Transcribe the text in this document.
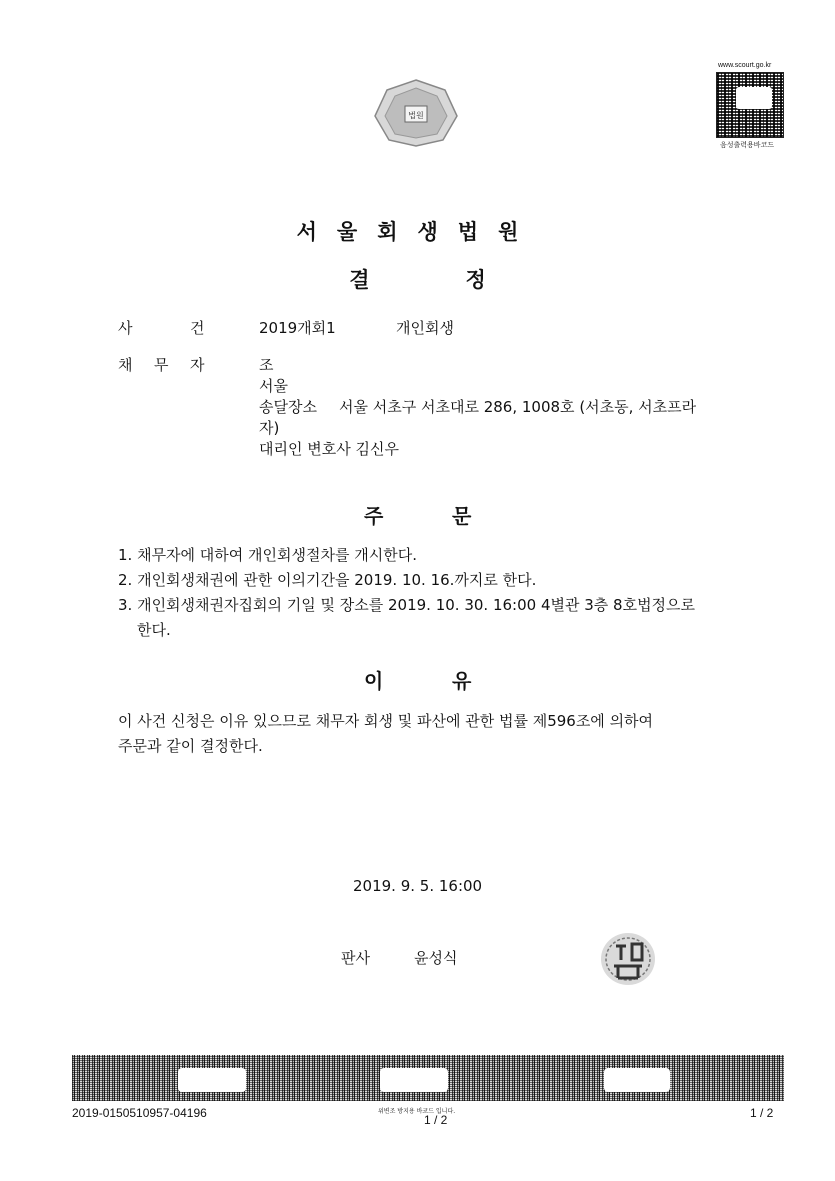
법원
www.scourt.go.kr
음성출력용바코드
서울회생법원
결	정
사	건	2019개회1	개인회생
채 무 자	조
서울
송달장소 서울 서초구 서초대로 286, 1008호 (서초동, 서초프라
자)
대리인 변호사 김신우
주	문
1. 채무자에 대하여 개인회생절차를 개시한다.
2. 개인회생채권에 관한 이의기간을 2019. 10. 16.까지로 한다.
3. 개인회생채권자집회의 기일 및 장소를 2019. 10. 30. 16:00 4별관 3층 8호법정으로
한다.
이	유
이 사건 신청은 이유 있으므로 채무자 회생 및 파산에 관한 법률 제596조에 의하여
주문과 같이 결정한다.
2019. 9. 5. 16:00
판사	윤성식
2019-0150510957-04196	위변조 방지용 바코드 입니다.
1 / 2	1 / 2
